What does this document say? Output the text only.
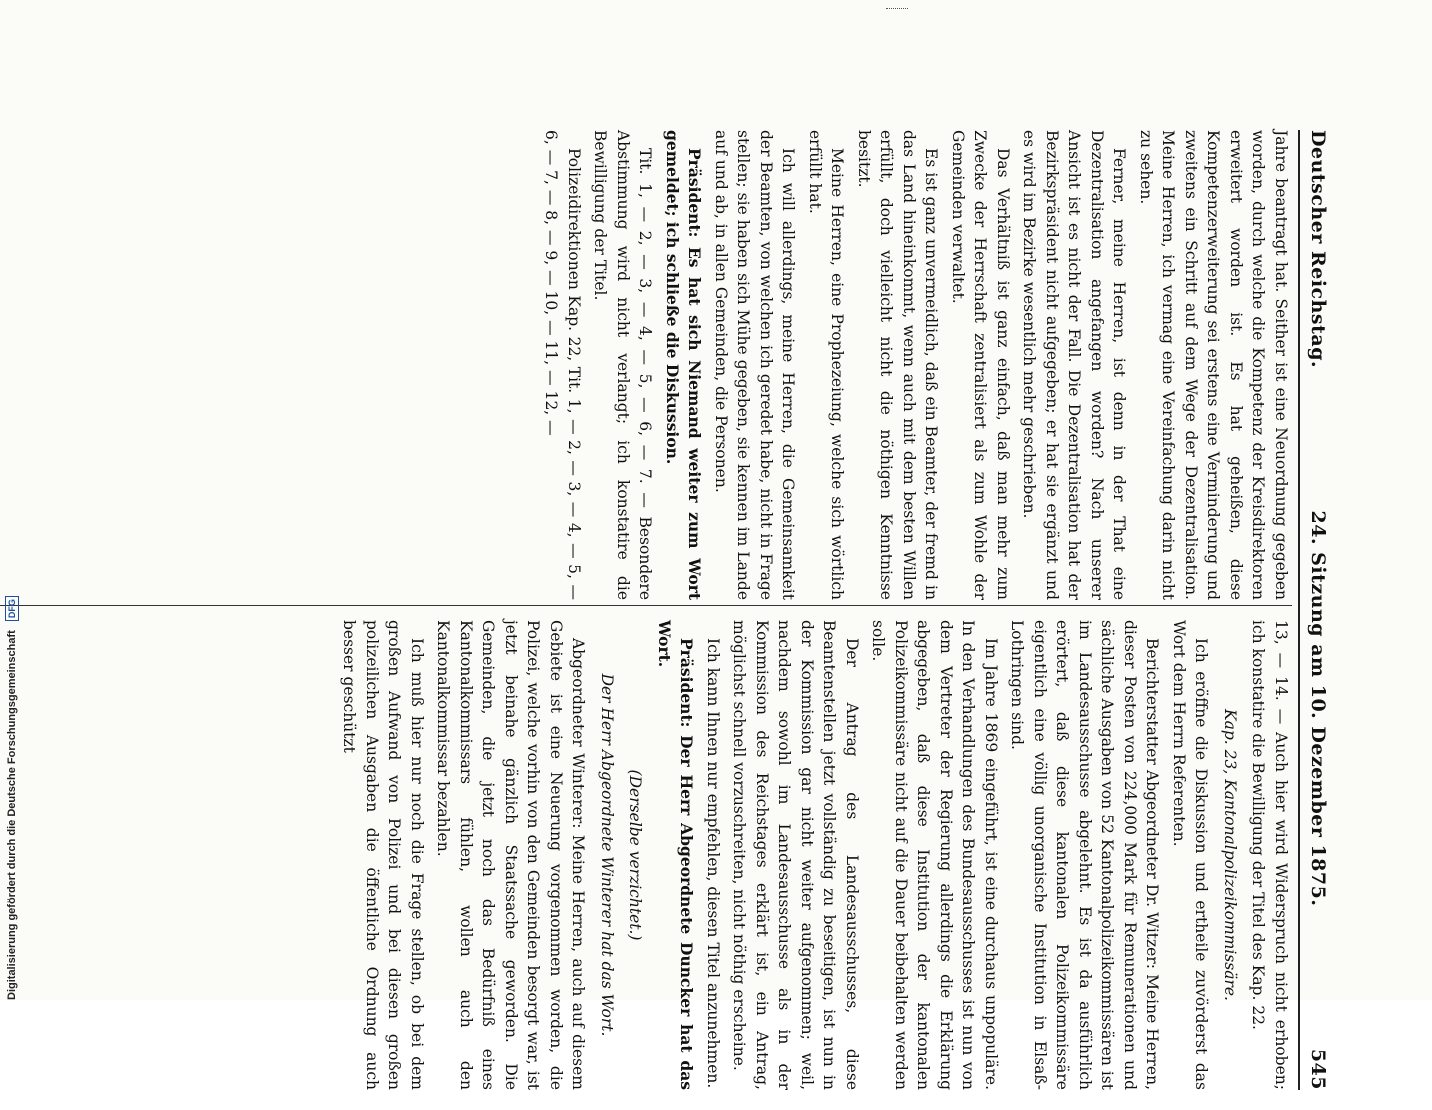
Deutscher Reichstag.
24. Sitzung am 10. Dezember 1875.
545

Jahre beantragt hat. Seither ist eine Neuordnung gegeben worden, durch welche die Kompetenz der Kreisdirektoren erweitert worden ist. Es hat geheißen, diese Kompetenzerweiterung sei erstens eine Verminderung und zweitens ein Schritt auf dem Wege der Dezentralisation. Meine Herren, ich vermag eine Vereinfachung darin nicht zu sehen.

Ferner, meine Herren, ist denn in der That eine Dezentralisation angefangen worden? Nach unserer Ansicht ist es nicht der Fall. Die Dezentralisation hat der Bezirkspräsident nicht aufgegeben; er hat sie ergänzt und es wird im Bezirke wesentlich mehr geschrieben.

Das Verhältniß ist ganz einfach, daß man mehr zum Zwecke der Herrschaft zentralisiert als zum Wohle der Gemeinden verwaltet.

Es ist ganz unvermeidlich, daß ein Beamter, der fremd in das Land hineinkommt, wenn auch mit dem besten Willen erfüllt, doch vielleicht nicht die nöthigen Kenntnisse besitzt.

Meine Herren, eine Prophezeiung, welche sich wörtlich erfüllt hat.

Ich will allerdings, meine Herren, die Gemeinsamkeit der Beamten, von welchen ich geredet habe, nicht in Frage stellen; sie haben sich Mühe gegeben, sie kennen im Lande auf und ab, in allen Gemeinden, die Personen.

Präsident: Es hat sich Niemand weiter zum Wort gemeldet; ich schließe die Diskussion.

Tit. 1, — 2, — 3, — 4, — 5, — 6, — 7. — Besondere Abstimmung wird nicht verlangt; ich konstatire die Bewilligung der Titel.

Polizeidirektionen Kap. 22, Tit. 1, — 2, — 3, — 4, — 5, — 6, — 7, — 8, — 9, — 10, — 11, — 12, —

13, — 14. — Auch hier wird Widerspruch nicht erhoben; ich konstatire die Bewilligung der Titel des Kap. 22.

Kap. 23, Kantonalpolizeikommissäre.

Ich eröffne die Diskussion und ertheile zuvörderst das Wort dem Herrn Referenten.

Berichterstatter Abgeordneter Dr. Witzer: Meine Herren, dieser Posten von 224,000 Mark für Remunerationen und sächliche Ausgaben von 52 Kantonalpolizeikommissären ist im Landesausschusse abgelehnt. Es ist da ausführlich erörtert, daß diese kantonalen Polizeikommissäre eigentlich eine völlig unorganische Institution in Elsaß-Lothringen sind.

Im Jahre 1869 eingeführt, ist eine durchaus unpopuläre. In den Verhandlungen des Bundesausschusses ist nun von dem Vertreter der Regierung allerdings die Erklärung abgegeben, daß diese Institution der kantonalen Polizeikommissäre nicht auf die Dauer beibehalten werden solle.

Der Antrag des Landesausschusses, diese Beamtenstellen jetzt vollständig zu beseitigen, ist nun in der Kommission gar nicht weiter aufgenommen; weil, nachdem sowohl im Landesausschusse als in der Kommission des Reichstages erklärt ist, ein Antrag, möglichst schnell vorzuschreiten, nicht nöthig erscheine.

Ich kann Ihnen nur empfehlen, diesen Titel anzunehmen.

Präsident: Der Herr Abgeordnete Duncker hat das Wort.

(Derselbe verzichtet.)

Der Herr Abgeordnete Winterer hat das Wort.

Abgeordneter Winterer: Meine Herren, auch auf diesem Gebiete ist eine Neuerung vorgenommen worden, die Polizei, welche vorhin von den Gemeinden besorgt war, ist jetzt beinahe gänzlich Staatssache geworden. Die Gemeinden, die jetzt noch das Bedürfniß eines Kantonalkommissars fühlen, wollen auch den Kantonalkommissar bezahlen.

Ich muß hier nur noch die Frage stellen, ob bei dem großen Aufwand von Polizei und bei diesen großen polizeilichen Ausgaben die öffentliche Ordnung auch besser geschützt

Digitalisierung gefördert durch die Deutsche Forschungsgemeinschaft DFG
